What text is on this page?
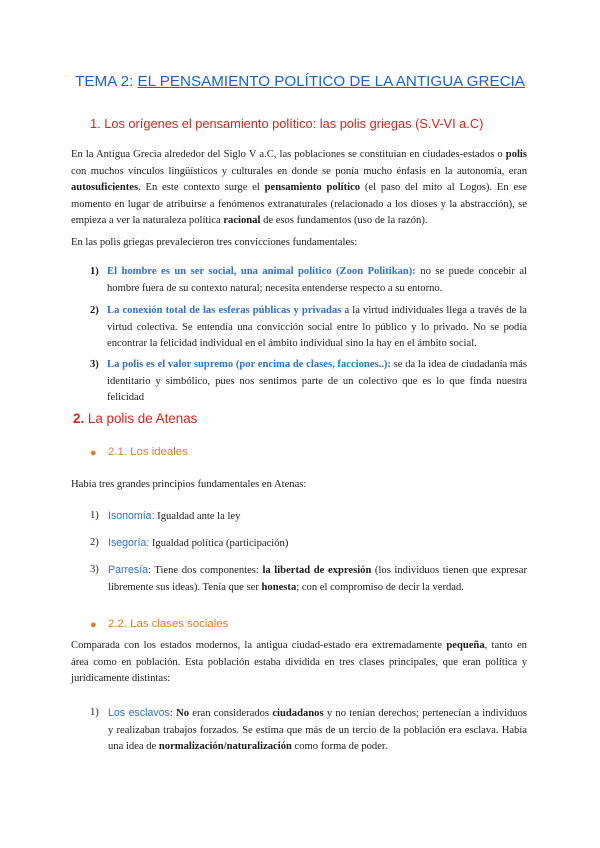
TEMA 2: EL PENSAMIENTO POLÍTICO DE LA ANTIGUA GRECIA
1. Los orígenes el pensamiento político: las polis griegas (S.V-VI a.C)
En la Antigua Grecia alrededor del Siglo V a.C, las poblaciones se constituían en ciudades-estados o polis con muchos vínculos lingüísticos y culturales en donde se ponía mucho énfasis en la autonomía, eran autosuficientes. En este contexto surge el pensamiento político (el paso del mito al Logos). En ese momento en lugar de atribuirse a fenómenos extranaturales (relacionado a los dioses y la abstracción), se empieza a ver la naturaleza política racional de esos fundamentos (uso de la razón).
En las polis griegas prevalecieron tres convicciones fundamentales:
1) El hombre es un ser social, una animal político (Zoon Politikan): no se puede concebir al hombre fuera de su contexto natural; necesita entenderse respecto a su entorno.
2) La conexión total de las esferas públicas y privadas a la virtud individuales llega a través de la virtud colectiva. Se entendía una convicción social entre lo público y lo privado. No se podía encontrar la felicidad individual en el ámbito individual sino la hay en el ámbito social.
3) La polis es el valor supremo (por encima de clases, facciones..): se da la idea de ciudadanía más identitario y simbólico, pues nos sentimos parte de un colectivo que es lo que finda nuestra felicidad
2. La polis de Atenas
● 2.1. Los ideales
Había tres grandes principios fundamentales en Atenas:
1) Isonomía: Igualdad ante la ley
2) Isegoría: Igualdad política (participación)
3) Parresía: Tiene dos componentes: la libertad de expresión (los individuos tienen que expresar libremente sus ideas). Tenía que ser honesta; con el compromiso de decir la verdad.
● 2.2. Las clases sociales
Comparada con los estados modernos, la antigua ciudad-estado era extremadamente pequeña, tanto en área como en población. Esta población estaba dividida en tres clases principales, que eran política y jurídicamente distintas:
1) Los esclavos: No eran considerados ciudadanos y no tenían derechos; pertenecían a individuos y realizaban trabajos forzados. Se estima que más de un tercio de la población era esclava. Había una idea de normalización/naturalización como forma de poder.
